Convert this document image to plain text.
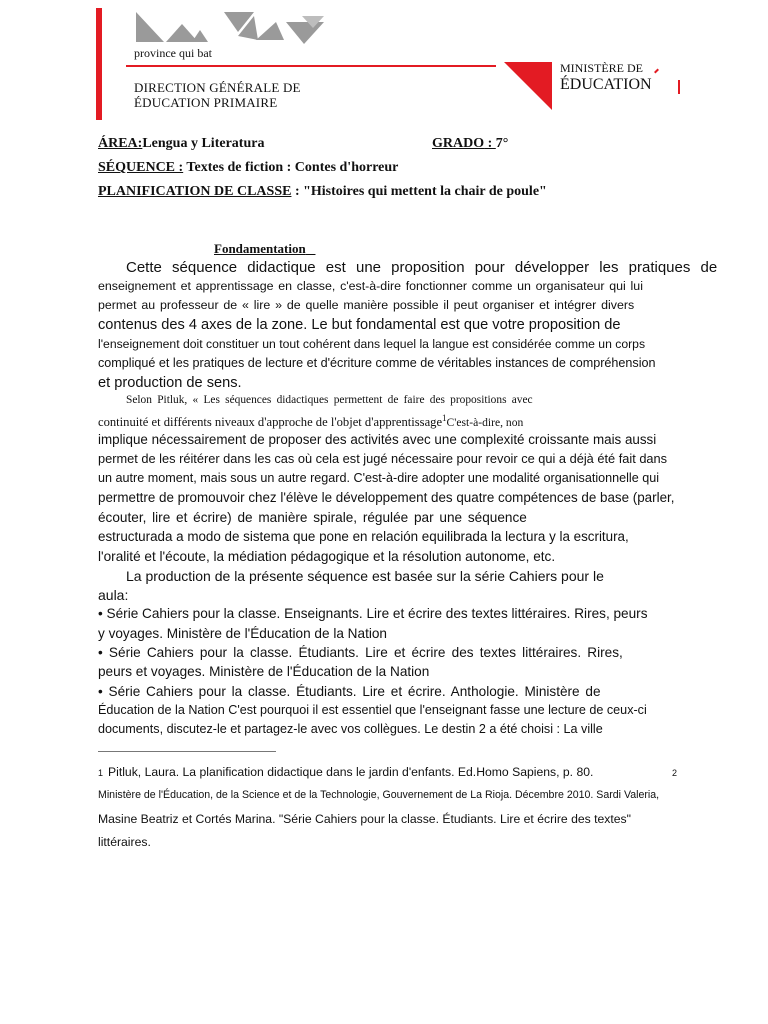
province qui bat
DIRECTION GÉNÉRALE DE
ÉDUCATION PRIMAIRE
MINISTÈRE DE
ÉDUCATION
ÁREA:Lengua y Literatura	GRADO : 7°
SÉQUENCE : Textes de fiction : Contes d'horreur
PLANIFICATION DE CLASSE : "Histoires qui mettent la chair de poule"
Fondamentation
Cette séquence didactique est une proposition pour développer les pratiques de
enseignement et apprentissage en classe, c'est-à-dire fonctionner comme un organisateur qui lui
permet au professeur de « lire » de quelle manière possible il peut organiser et intégrer divers
contenus des 4 axes de la zone. Le but fondamental est que votre proposition de
l'enseignement doit constituer un tout cohérent dans lequel la langue est considérée comme un corps
compliqué et les pratiques de lecture et d'écriture comme de véritables instances de compréhension
et production de sens.
Selon Pitluk, « Les séquences didactiques permettent de faire des propositions avec
continuité et différents niveaux d'approche de l'objet d'apprentissage$^1$C'est-à-dire, non
implique nécessairement de proposer des activités avec une complexité croissante mais aussi
permet de les réitérer dans les cas où cela est jugé nécessaire pour revoir ce qui a déjà été fait dans
un autre moment, mais sous un autre regard. C'est-à-dire adopter une modalité organisationnelle qui
permettre de promouvoir chez l'élève le développement des quatre compétences de base (parler,
écouter, lire et écrire) de manière spirale, régulée par une séquence
estructurada a modo de sistema que pone en relación equilibrada la lectura y la escritura,
l'oralité et l'écoute, la médiation pédagogique et la résolution autonome, etc.
La production de la présente séquence est basée sur la série Cahiers pour le
aula:
• Série Cahiers pour la classe. Enseignants. Lire et écrire des textes littéraires. Rires, peurs
y voyages. Ministère de l'Éducation de la Nation
• Série Cahiers pour la classe. Étudiants. Lire et écrire des textes littéraires. Rires,
peurs et voyages. Ministère de l'Éducation de la Nation
• Série Cahiers pour la classe. Étudiants. Lire et écrire. Anthologie. Ministère de
Éducation de la Nation C'est pourquoi il est essentiel que l'enseignant fasse une lecture de ceux-ci
documents, discutez-le et partagez-le avec vos collègues. Le destin 2 a été choisi : La ville
1 Pitluk, Laura. La planification didactique dans le jardin d'enfants. Ed.Homo Sapiens, p. 80.	2
Ministère de l'Éducation, de la Science et de la Technologie, Gouvernement de La Rioja. Décembre 2010. Sardi Valeria,
Masine Beatriz et Cortés Marina. "Série Cahiers pour la classe. Étudiants. Lire et écrire des textes"
littéraires.
